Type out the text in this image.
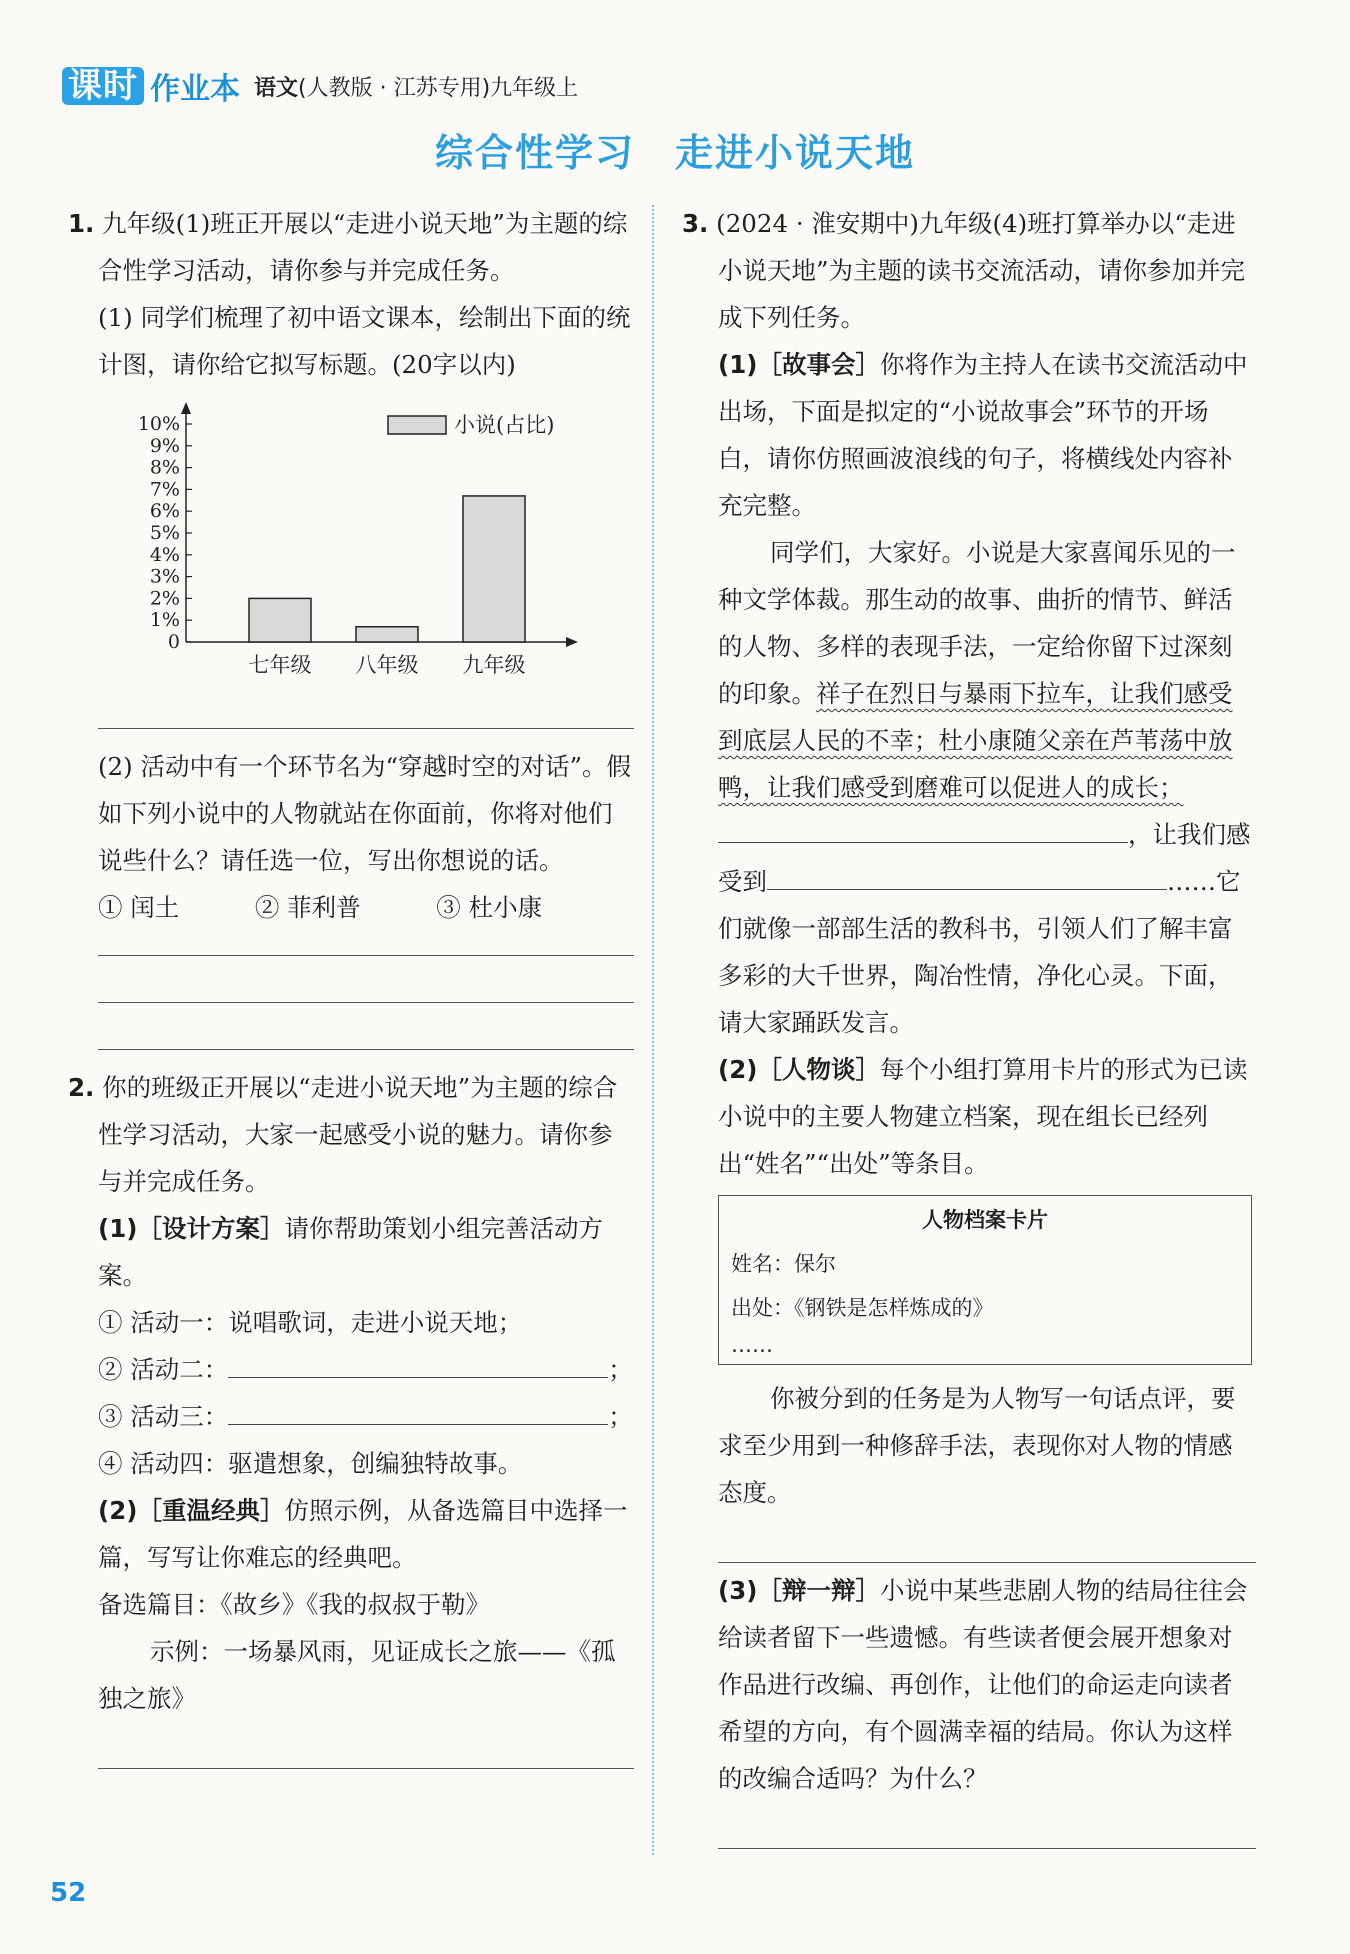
课时 作业本 语文(人教版 · 江苏专用)九年级上
综合性学习　走进小说天地

1. 九年级(1)班正开展以“走进小说天地”为主题的综合性学习活动，请你参与并完成任务。

(1) 同学们梳理了初中语文课本，绘制出下面的统计图，请你给它拟写标题。(20字以内)

0
1%
2%
3%
4%
5%
6%
7%
8%
9%
10%
七年级 八年级 九年级
小说(占比)

(2) 活动中有一个环节名为“穿越时空的对话”。假如下列小说中的人物就站在你面前，你将对他们说些什么？请任选一位，写出你想说的话。

① 闰土	② 菲利普	③ 杜小康

2. 你的班级正开展以“走进小说天地”为主题的综合性学习活动，大家一起感受小说的魅力。请你参与并完成任务。

(1)［设计方案］请你帮助策划小组完善活动方案。

① 活动一：说唱歌词，走进小说天地；

② 活动二：	；

③ 活动三：	；

④ 活动四：驱遣想象，创编独特故事。

(2)［重温经典］仿照示例，从备选篇目中选择一篇，写写让你难忘的经典吧。

备选篇目：《故乡》《我的叔叔于勒》

示例：一场暴风雨，见证成长之旅——《孤独之旅》

3. (2024 · 淮安期中)九年级(4)班打算举办以“走进小说天地”为主题的读书交流活动，请你参加并完成下列任务。

(1)［故事会］你将作为主持人在读书交流活动中出场，下面是拟定的“小说故事会”环节的开场白，请你仿照画波浪线的句子，将横线处内容补充完整。

同学们，大家好。小说是大家喜闻乐见的一种文学体裁。那生动的故事、曲折的情节、鲜活的人物、多样的表现手法，一定给你留下过深刻的印象。祥子在烈日与暴雨下拉车，让我们感受到底层人民的不幸；杜小康随父亲在芦苇荡中放鸭，让我们感受到磨难可以促进人的成长；，让我们感受到	……它们就像一部部生活的教科书，引领人们了解丰富多彩的大千世界，陶冶性情，净化心灵。下面，请大家踊跃发言。

(2)［人物谈］每个小组打算用卡片的形式为已读小说中的主要人物建立档案，现在组长已经列出“姓名”“出处”等条目。

人物档案卡片
姓名：保尔
出处：《钢铁是怎样炼成的》
……

你被分到的任务是为人物写一句话点评，要求至少用到一种修辞手法，表现你对人物的情感态度。

(3)［辩一辩］小说中某些悲剧人物的结局往往会给读者留下一些遗憾。有些读者便会展开想象对作品进行改编、再创作，让他们的命运走向读者希望的方向，有个圆满幸福的结局。你认为这样的改编合适吗？为什么？

52
